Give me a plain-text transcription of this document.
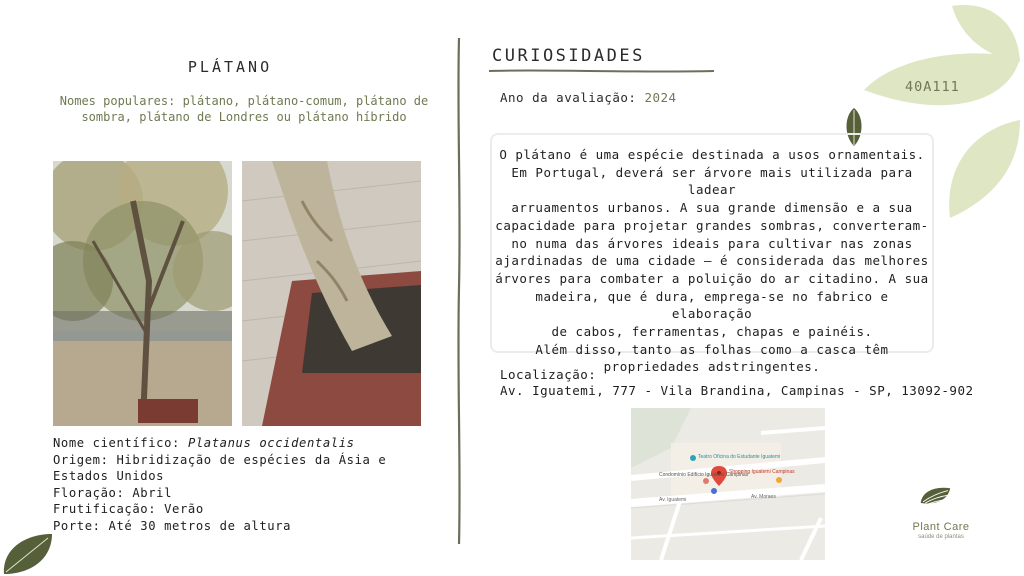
PLÁTANO
Nomes populares: plátano, plátano-comum, plátano de sombra, plátano de Londres ou plátano híbrido
Nome científico: Platanus occidentalis
Origem: Hibridização de espécies da Ásia e
Estados Unidos
Floração: Abril
Frutificação: Verão
Porte: Até 30 metros de altura
CURIOSIDADES
Ano da avaliação: 2024
40A111
O plátano é uma espécie destinada a usos ornamentais.
Em Portugal, deverá ser árvore mais utilizada para ladear
arruamentos urbanos. A sua grande dimensão e a sua
capacidade para projetar grandes sombras, converteram-
no numa das árvores ideais para cultivar nas zonas
ajardinadas de uma cidade – é considerada das melhores
árvores para combater a poluição do ar citadino. A sua
madeira, que é dura, emprega-se no fabrico e elaboração
de cabos, ferramentas, chapas e painéis.
Além disso, tanto as folhas como a casca têm
propriedades adstringentes.
Localização:
Av. Iguatemi, 777 - Vila Brandina, Campinas - SP, 13092-902
Teatro Oficina do Estudante Iguatemi
Shopping Iguatemi Campinas
Condomínio Edifício Iguatemi Campinas
Av. Iguatemi	Av. Moraes
Plant Care
saúde de plantas
